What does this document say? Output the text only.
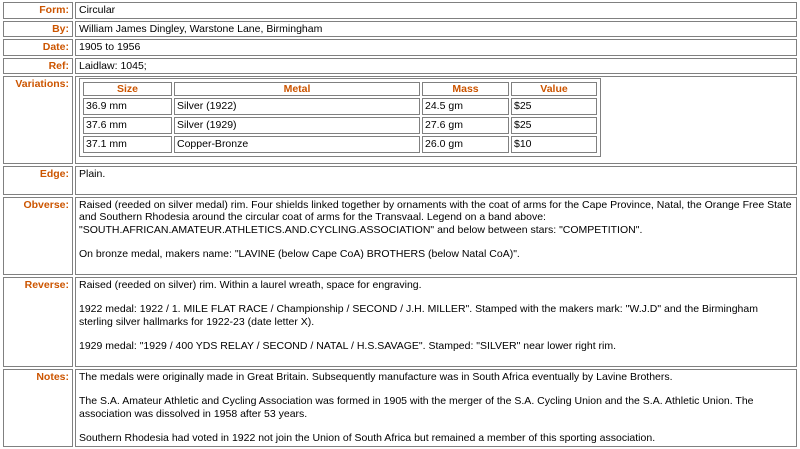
Form:	Circular
By:	William James Dingley, Warstone Lane, Birmingham
Date:	1905 to 1956
Ref:	Laidlaw: 1045;
Variations:		Size	Metal	Mass	Value
36.9 mm	Silver (1922)	24.5 gm	$25
37.6 mm	Silver (1929)	27.6 gm	$25
37.1 mm	Copper-Bronze	26.0 gm	$10

Edge:	Plain.
Obverse:	Raised (reeded on silver medal) rim. Four shields linked together by ornaments with the coat of arms for the Cape Province, Natal, the Orange Free State and Southern Rhodesia around the circular coat of arms for the Transvaal. Legend on a band above: "SOUTH.AFRICAN.AMATEUR.ATHLETICS.AND.CYCLING.ASSOCIATION" and below between stars: "COMPETITION".

On bronze medal, makers name: "LAVINE (below Cape CoA) BROTHERS (below Natal CoA)".

Reverse:	Raised (reeded on silver) rim. Within a laurel wreath, space for engraving.

1922 medal: 1922 / 1. MILE FLAT RACE / Championship / SECOND / J.H. MILLER". Stamped with the makers mark: "W.J.D" and the Birmingham sterling silver hallmarks for 1922-23 (date letter X).

1929 medal: "1929 / 400 YDS RELAY / SECOND / NATAL / H.S.SAVAGE". Stamped: "SILVER" near lower right rim.

Notes:	The medals were originally made in Great Britain. Subsequently manufacture was in South Africa eventually by Lavine Brothers.

The S.A. Amateur Athletic and Cycling Association was formed in 1905 with the merger of the S.A. Cycling Union and the S.A. Athletic Union. The association was dissolved in 1958 after 53 years.

Southern Rhodesia had voted in 1922 not join the Union of South Africa but remained a member of this sporting association.
